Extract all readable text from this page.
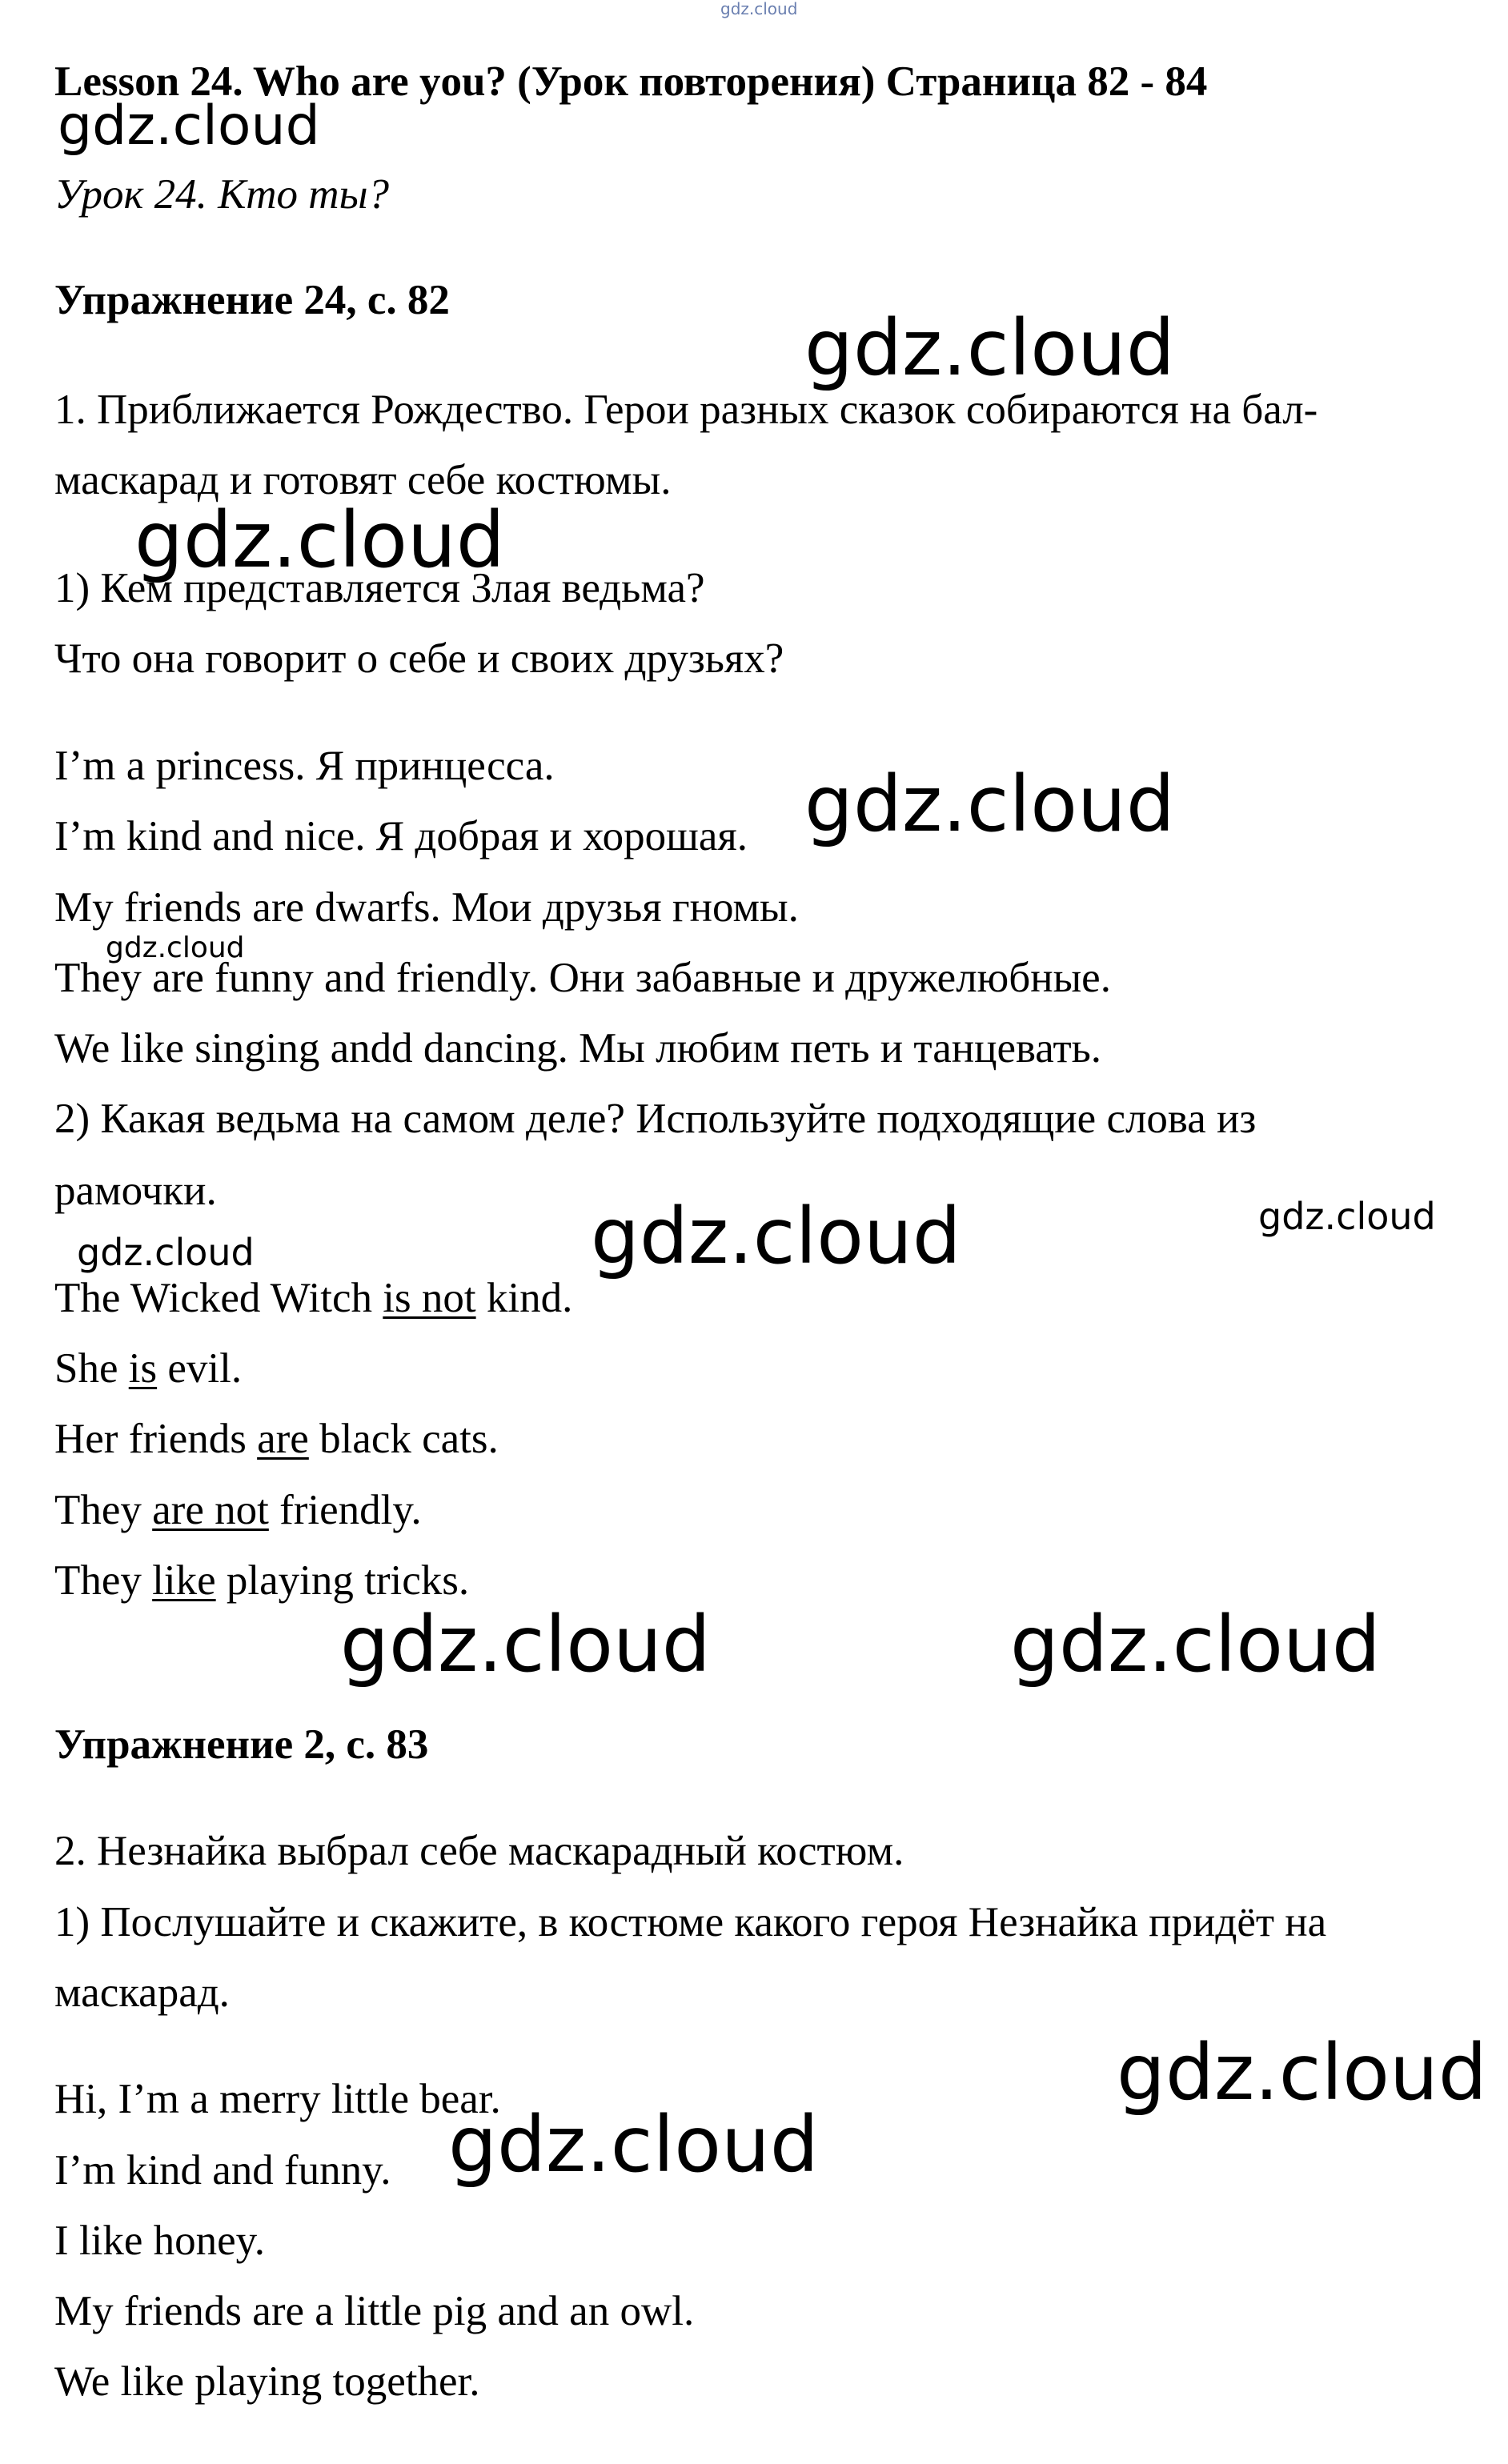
gdz.cloud
Lesson 24. Who are you? (Урок повторения) Страница 82 - 84
gdz.cloud
Урок 24. Кто ты?
Упражнение 24, с. 82
gdz.cloud
1. Приближается Рождество. Герои разных сказок собираются на бал-
маскарад и готовят себе костюмы.
gdz.cloud
1) Кем представляется Злая ведьма?
Что она говорит о себе и своих друзьях?
I’m a princess. Я принцесса.
I’m kind and nice. Я добрая и хорошая. gdz.cloud
My friends are dwarfs. Мои друзья гномы.
gdz.cloud
They are funny and friendly. Они забавные и дружелюбные.
We like singing andd dancing. Мы любим петь и танцевать.
2) Какая ведьма на самом деле? Используйте подходящие слова из
рамочки.
gdz.cloud	gdz.cloud	gdz.cloud
The Wicked Witch is not kind.
She is evil.
Her friends are black cats.
They are not friendly.
They like playing tricks.
gdz.cloud	gdz.cloud
Упражнение 2, с. 83
2. Незнайка выбрал себе маскарадный костюм.
1) Послушайте и скажите, в костюме какого героя Незнайка придёт на
маскарад.
gdz.cloud
Hi, I’m a merry little bear.
gdz.cloud
I’m kind and funny.
I like honey.
My friends are a little pig and an owl.
We like playing together.
